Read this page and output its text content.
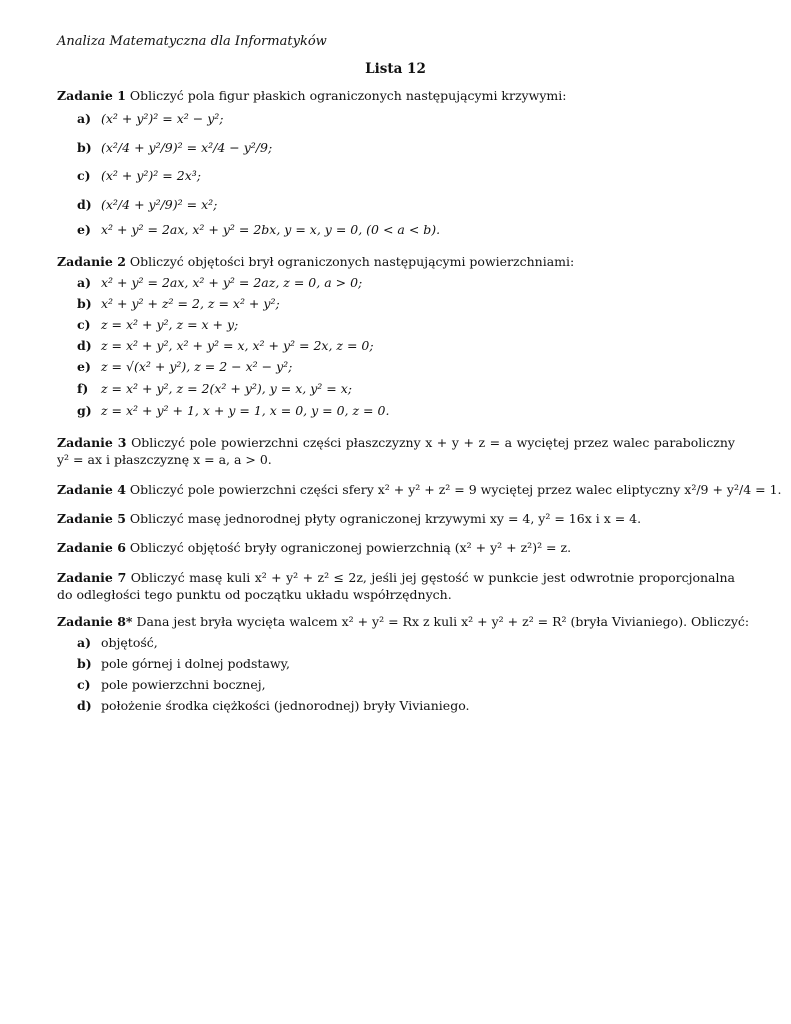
Analiza Matematyczna dla Informatyków
Lista 12
Zadanie 1 Obliczyć pola figur płaskich ograniczonych następującymi krzywymi:
a) (x² + y²)² = x² − y²;
b) (x²/4 + y²/9)² = x²/4 − y²/9;
c) (x² + y²)² = 2x³;
d) (x²/4 + y²/9)² = x²;
e) x² + y² = 2ax, x² + y² = 2bx, y = x, y = 0, (0 < a < b).
Zadanie 2 Obliczyć objętości brył ograniczonych następującymi powierzchniami:
a) x² + y² = 2ax, x² + y² = 2az, z = 0, a > 0;
b) x² + y² + z² = 2, z = x² + y²;
c) z = x² + y², z = x + y;
d) z = x² + y², x² + y² = x, x² + y² = 2x, z = 0;
e) z = √(x² + y²), z = 2 − x² − y²;
f) z = x² + y², z = 2(x² + y²), y = x, y² = x;
g) z = x² + y² + 1, x + y = 1, x = 0, y = 0, z = 0.
Zadanie 3 Obliczyć pole powierzchni części płaszczyzny x + y + z = a wyciętej przez walec paraboliczny y² = ax i płaszczyznę x = a, a > 0.
Zadanie 4 Obliczyć pole powierzchni części sfery x² + y² + z² = 9 wyciętej przez walec eliptyczny x²/9 + y²/4 = 1.
Zadanie 5 Obliczyć masę jednorodnej płyty ograniczonej krzywymi xy = 4, y² = 16x i x = 4.
Zadanie 6 Obliczyć objętość bryły ograniczonej powierzchnią (x² + y² + z²)² = z.
Zadanie 7 Obliczyć masę kuli x² + y² + z² ≤ 2z, jeśli jej gęstość w punkcie jest odwrotnie proporcjonalna do odległości tego punktu od początku układu współrzędnych.
Zadanie 8* Dana jest bryła wycięta walcem x² + y² = Rx z kuli x² + y² + z² = R² (bryła Vivianiego). Obliczyć:
a) objętość,
b) pole górnej i dolnej podstawy,
c) pole powierzchni bocznej,
d) położenie środka ciężkości (jednorodnej) bryły Vivianiego.
